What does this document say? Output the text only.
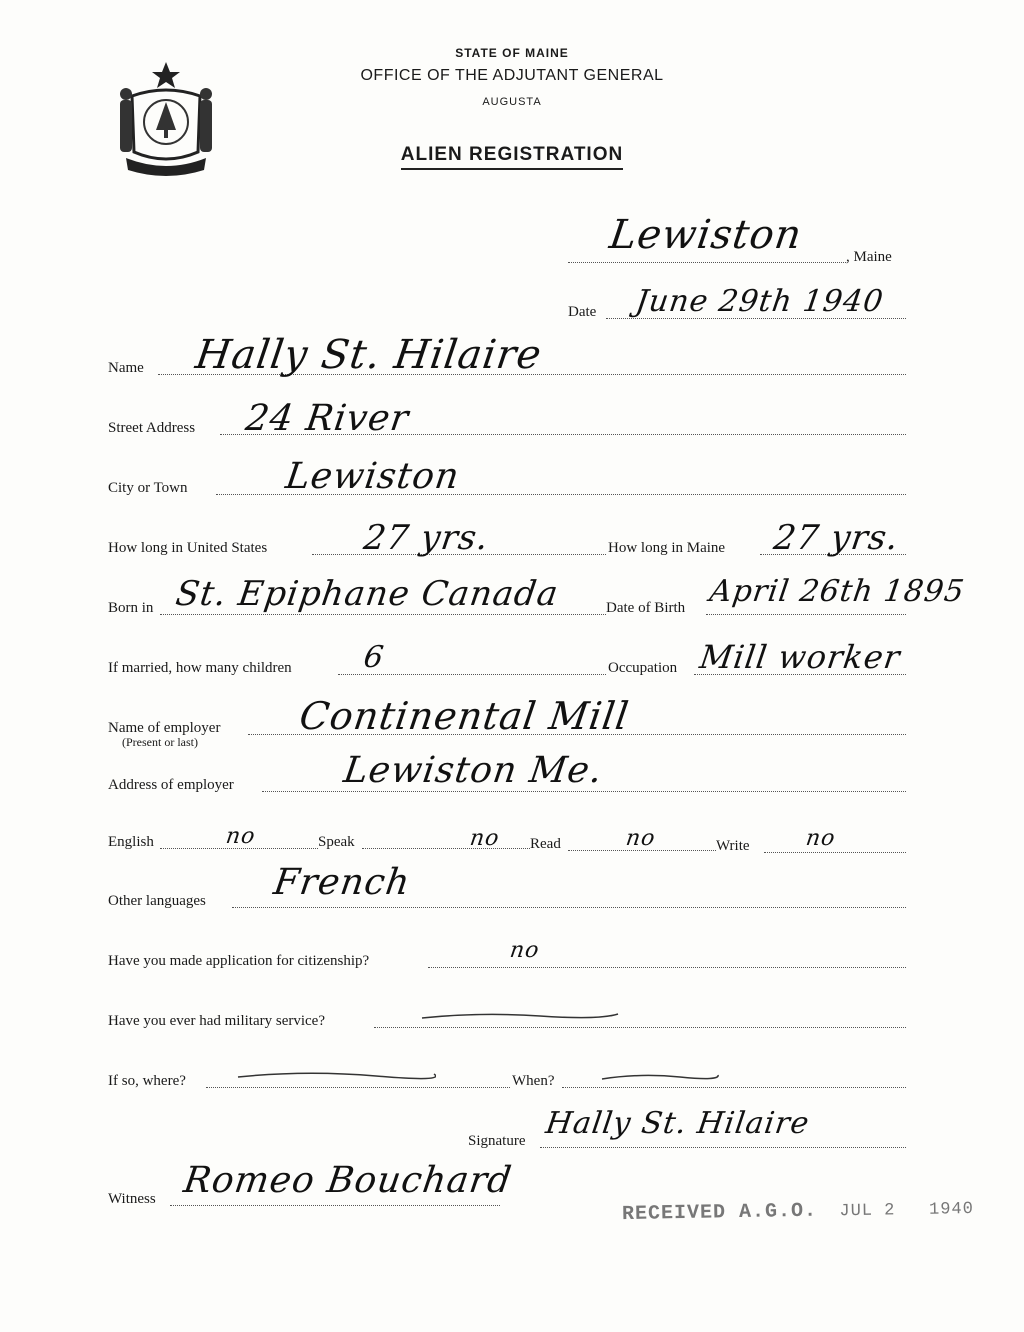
STATE OF MAINE
OFFICE OF THE ADJUTANT GENERAL
AUGUSTA
ALIEN REGISTRATION
Lewiston	, Maine
Date June 29th 1940
Name Hally St. Hilaire
Street Address 24 River
City or Town	Lewiston
How long in United States	27 yrs.	How long in Maine 27 yrs.
Born in St. Epiphane Canada	Date of Birth April 26th 1895
If married, how many children 6	Occupation Mill worker
Name of employer
(Present or last)
Continental Mill
Address of employer	Lewiston Me.
English	no	Speak	no Read	no	Write no
Other languages French
Have you made application for citizenship?	no
Have you ever had military service?
If so, where?	When?
Signature Hally St. Hilaire
Witness Romeo Bouchard
RECEIVED A.G.O. JUL 2 1940
